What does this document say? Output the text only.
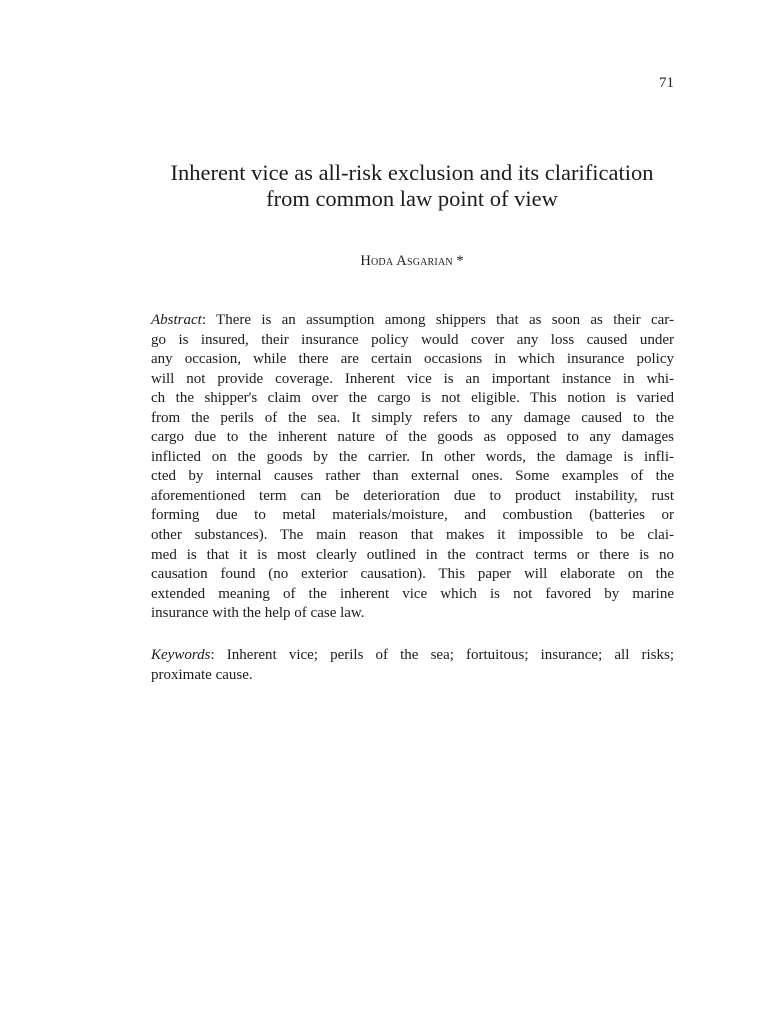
71
Inherent vice as all-risk exclusion and its clarification
from common law point of view
Hoda Asgarian *
Abstract: There is an assumption among shippers that as soon as their car-
go is insured, their insurance policy would cover any loss caused under
any occasion, while there are certain occasions in which insurance policy
will not provide coverage. Inherent vice is an important instance in whi-
ch the shipper's claim over the cargo is not eligible. This notion is varied
from the perils of the sea. It simply refers to any damage caused to the
cargo due to the inherent nature of the goods as opposed to any damages
inflicted on the goods by the carrier. In other words, the damage is infli-
cted by internal causes rather than external ones. Some examples of the
aforementioned term can be deterioration due to product instability, rust
forming due to metal materials/moisture, and combustion (batteries or
other substances). The main reason that makes it impossible to be clai-
med is that it is most clearly outlined in the contract terms or there is no
causation found (no exterior causation). This paper will elaborate on the
extended meaning of the inherent vice which is not favored by marine
insurance with the help of case law.
Keywords: Inherent vice; perils of the sea; fortuitous; insurance; all risks;
proximate cause.
